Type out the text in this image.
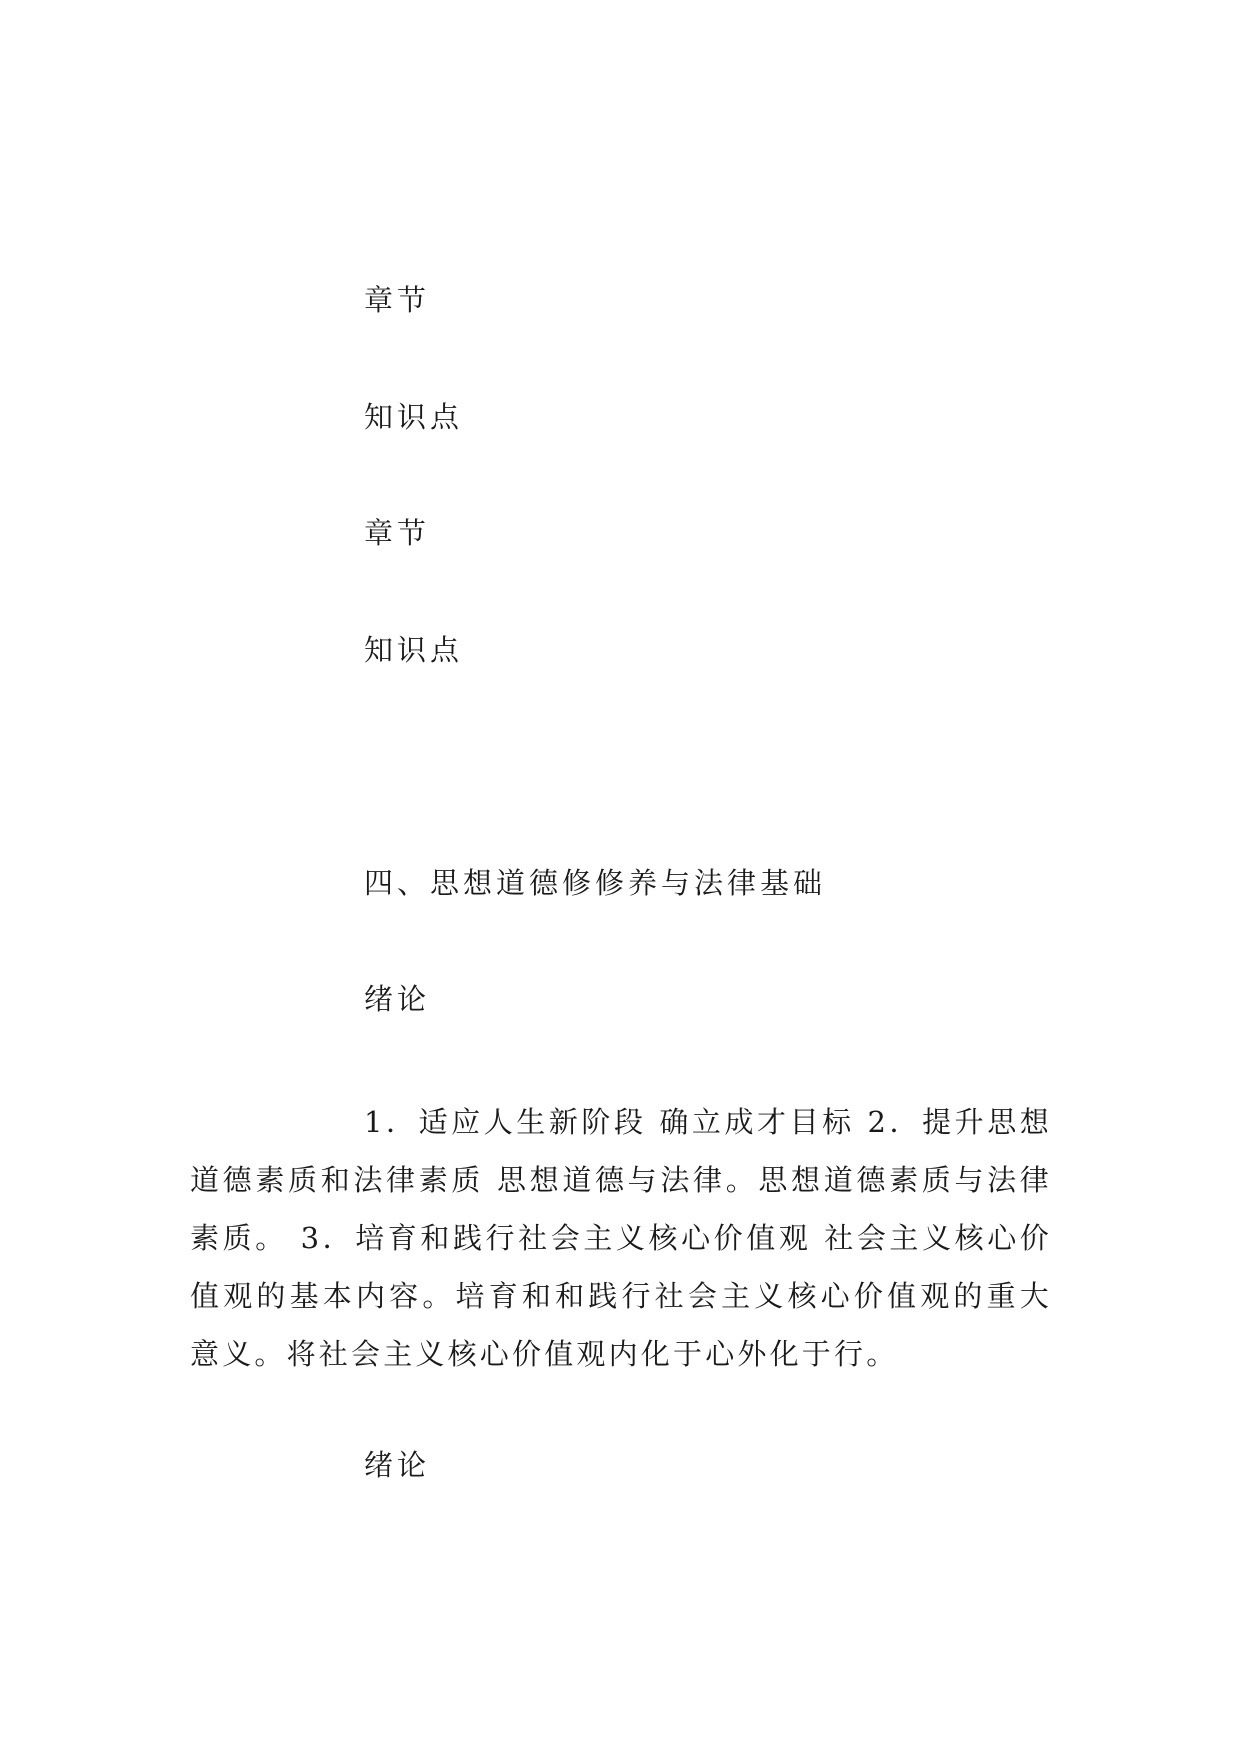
章节
知识点
章节
知识点
四、思想道德修修养与法律基础
绪论
1．适应人生新阶段 确立成才目标 2．提升思想道德素质和法律素质 思想道德与法律。思想道德素质与法律素质。 3．培育和践行社会主义核心价值观 社会主义核心价值观的基本内容。培育和和践行社会主义核心价值观的重大意义。将社会主义核心价值观内化于心外化于行。
绪论
